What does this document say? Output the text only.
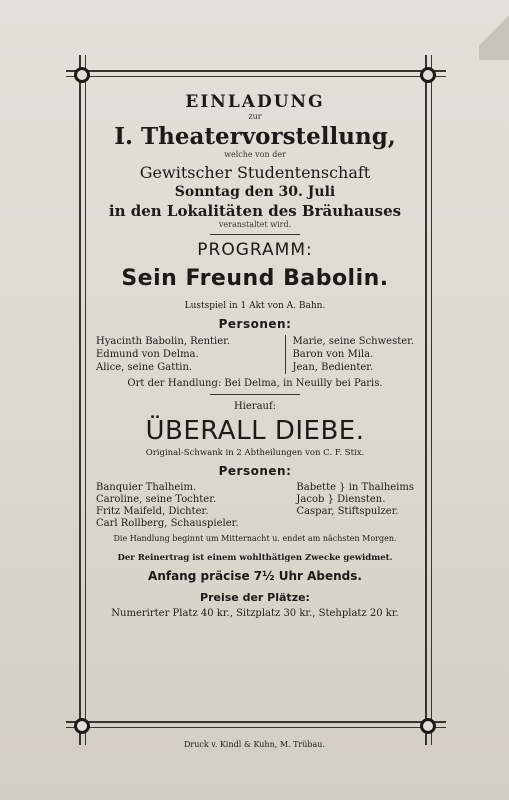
EINLADUNG
zur
I. Theatervorstellung,
welche von der
Gewitscher Studentenschaft
Sonntag den 30. Juli
in den Lokalitäten des Bräuhauses
veranstaltet wird.
PROGRAMM:
Sein Freund Babolin.
Lustspiel in 1 Akt von A. Bahn.
Personen:
Hyacinth Babolin, Rentier.
Edmund von Delma.
Alice, seine Gattin.
Marie, seine Schwester.
Baron von Mila.
Jean, Bedienter.
Ort der Handlung: Bei Delma, in Neuilly bei Paris.
Hierauf:
ÜBERALL DIEBE.
Original-Schwank in 2 Abtheilungen von C. F. Stix.
Personen:
Banquier Thalheim.
Caroline, seine Tochter.
Fritz Maifeld, Dichter.
Carl Rollberg, Schauspieler.
Babette } in Thalheims
Jacob } Diensten.
Caspar, Stiftspulzer.
Die Handlung beginnt um Mitternacht u. endet am nächsten Morgen.
Der Reinertrag ist einem wohlthätigen Zwecke gewidmet.
Anfang präcise 7½ Uhr Abends.
Preise der Plätze:
Numerirter Platz 40 kr., Sitzplatz 30 kr., Stehplatz 20 kr.
Druck v. Kindl & Kuhn, M. Trübau.
